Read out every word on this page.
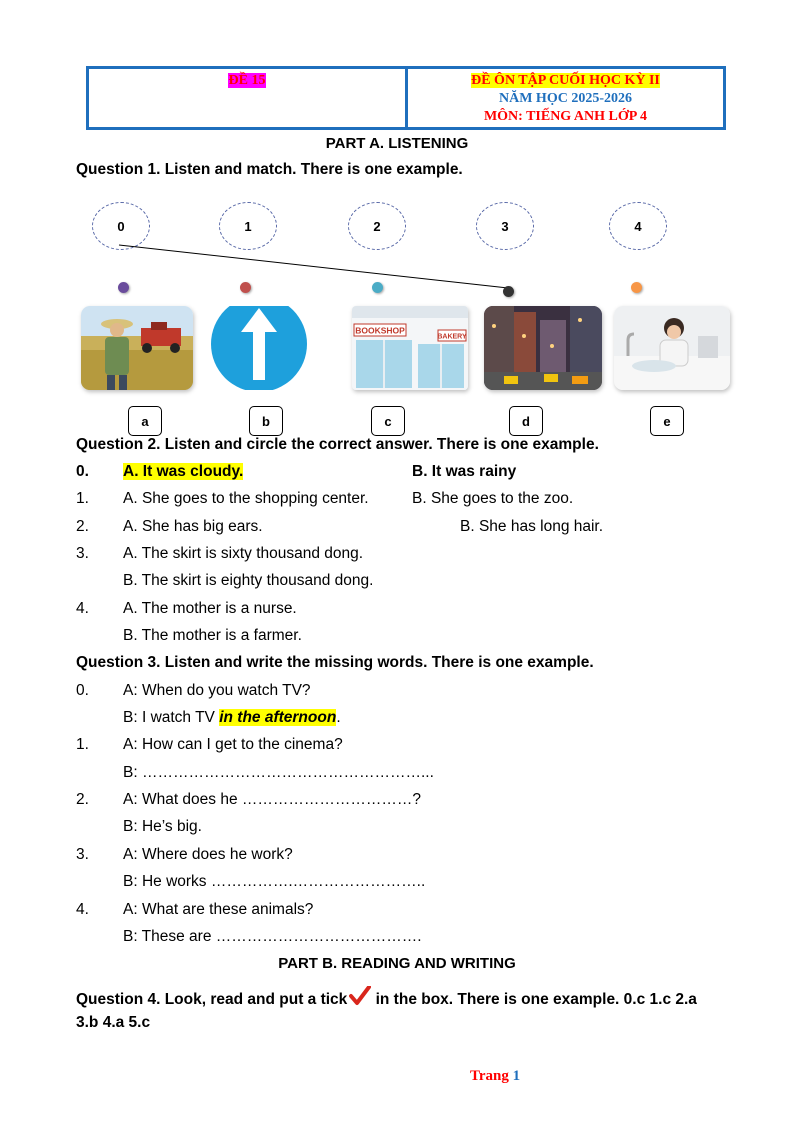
ĐỀ 15	ĐỀ ÔN TẬP CUỐI HỌC KỲ II
NĂM HỌC 2025-2026
MÔN: TIẾNG ANH LỚP 4
PART A. LISTENING
Question 1. Listen and match. There is one example.
0	1	2	3	4
BOOKSHOP
BAKERY
a	b	c	d	e
Question 2. Listen and circle the correct answer. There is one example.
0. A. It was cloudy.	B. It was rainy
1. A. She goes to the shopping center.	B. She goes to the zoo.
2. A. She has big ears.	B. She has long hair.
3. A. The skirt is sixty thousand dong.
B. The skirt is eighty thousand dong.
4. A. The mother is a nurse.
B. The mother is a farmer.
Question 3. Listen and write the missing words. There is one example.
0. A: When do you watch TV?
B: I watch TV in the afternoon.
1. A: How can I get to the cinema?
B: ………………………………………………...
2. A: What does he ……………………………?
B: He’s big.
3. A: Where does he work?
B: He works …………….……………………..
4. A: What are these animals?
B: These are ………………………………….
PART B. READING AND WRITING
Question 4. Look, read and put a tick in the box. There is one example. 0.c 1.c 2.a
3.b 4.a 5.c
Trang 1
